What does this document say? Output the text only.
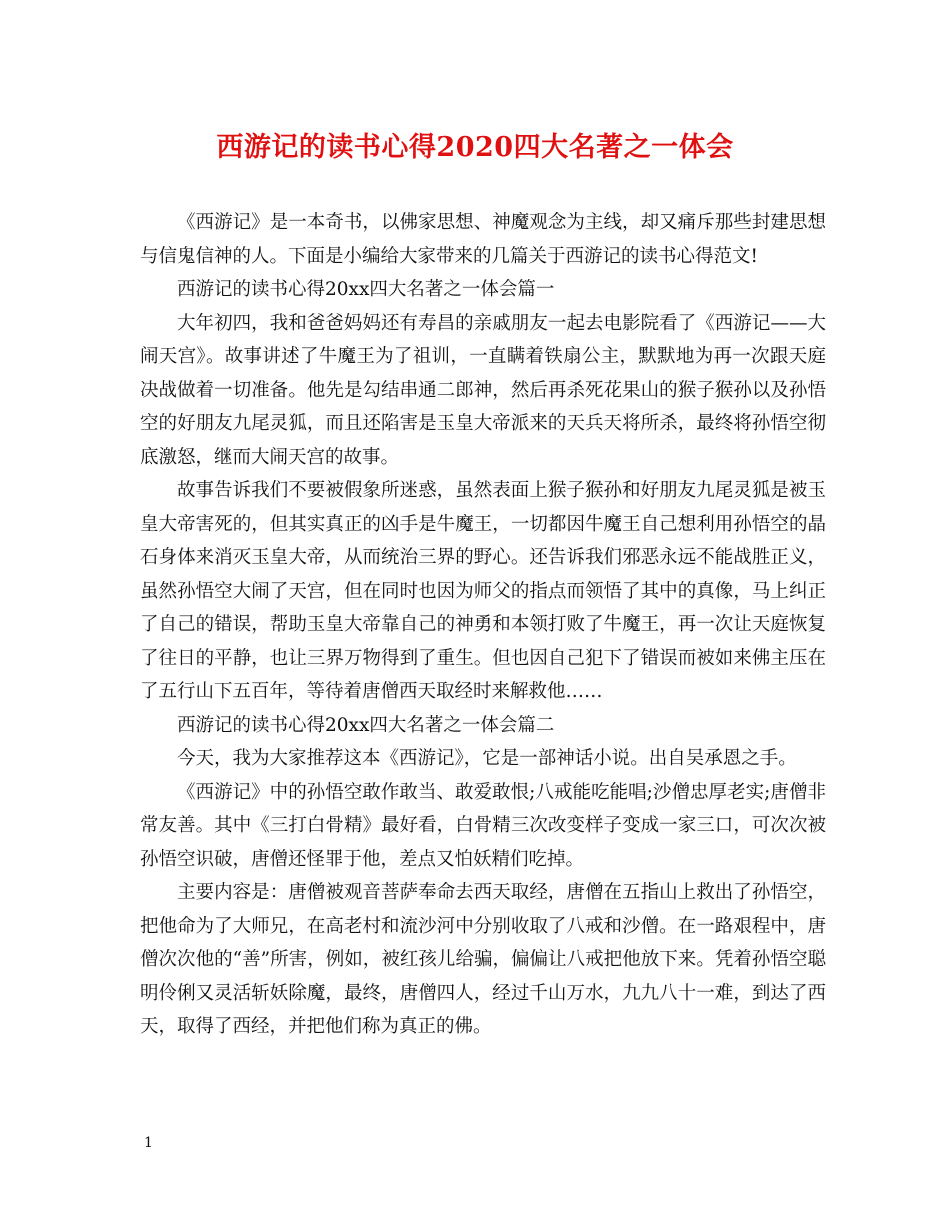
西游记的读书心得2020四大名著之一体会

《西游记》是一本奇书，以佛家思想、神魔观念为主线，却又痛斥那些封建思想与信鬼信神的人。下面是小编给大家带来的几篇关于西游记的读书心得范文!

西游记的读书心得20xx四大名著之一体会篇一

大年初四，我和爸爸妈妈还有寿昌的亲戚朋友一起去电影院看了《西游记——大闹天宫》。故事讲述了牛魔王为了祖训，一直瞒着铁扇公主，默默地为再一次跟天庭决战做着一切准备。他先是勾结串通二郎神，然后再杀死花果山的猴子猴孙以及孙悟空的好朋友九尾灵狐，而且还陷害是玉皇大帝派来的天兵天将所杀，最终将孙悟空彻底激怒，继而大闹天宫的故事。

故事告诉我们不要被假象所迷惑，虽然表面上猴子猴孙和好朋友九尾灵狐是被玉皇大帝害死的，但其实真正的凶手是牛魔王，一切都因牛魔王自己想利用孙悟空的晶石身体来消灭玉皇大帝，从而统治三界的野心。还告诉我们邪恶永远不能战胜正义，虽然孙悟空大闹了天宫，但在同时也因为师父的指点而领悟了其中的真像，马上纠正了自己的错误，帮助玉皇大帝靠自己的神勇和本领打败了牛魔王，再一次让天庭恢复了往日的平静，也让三界万物得到了重生。但也因自己犯下了错误而被如来佛主压在了五行山下五百年，等待着唐僧西天取经时来解救他……

西游记的读书心得20xx四大名著之一体会篇二

今天，我为大家推荐这本《西游记》，它是一部神话小说。出自吴承恩之手。

《西游记》中的孙悟空敢作敢当、敢爱敢恨;八戒能吃能唱;沙僧忠厚老实;唐僧非常友善。其中《三打白骨精》最好看，白骨精三次改变样子变成一家三口，可次次被孙悟空识破，唐僧还怪罪于他，差点又怕妖精们吃掉。

主要内容是：唐僧被观音菩萨奉命去西天取经，唐僧在五指山上救出了孙悟空，把他命为了大师兄，在高老村和流沙河中分别收取了八戒和沙僧。在一路艰程中，唐僧次次他的“善”所害，例如，被红孩儿给骗，偏偏让八戒把他放下来。凭着孙悟空聪明伶俐又灵活斩妖除魔，最终，唐僧四人，经过千山万水，九九八十一难，到达了西天，取得了西经，并把他们称为真正的佛。

1
